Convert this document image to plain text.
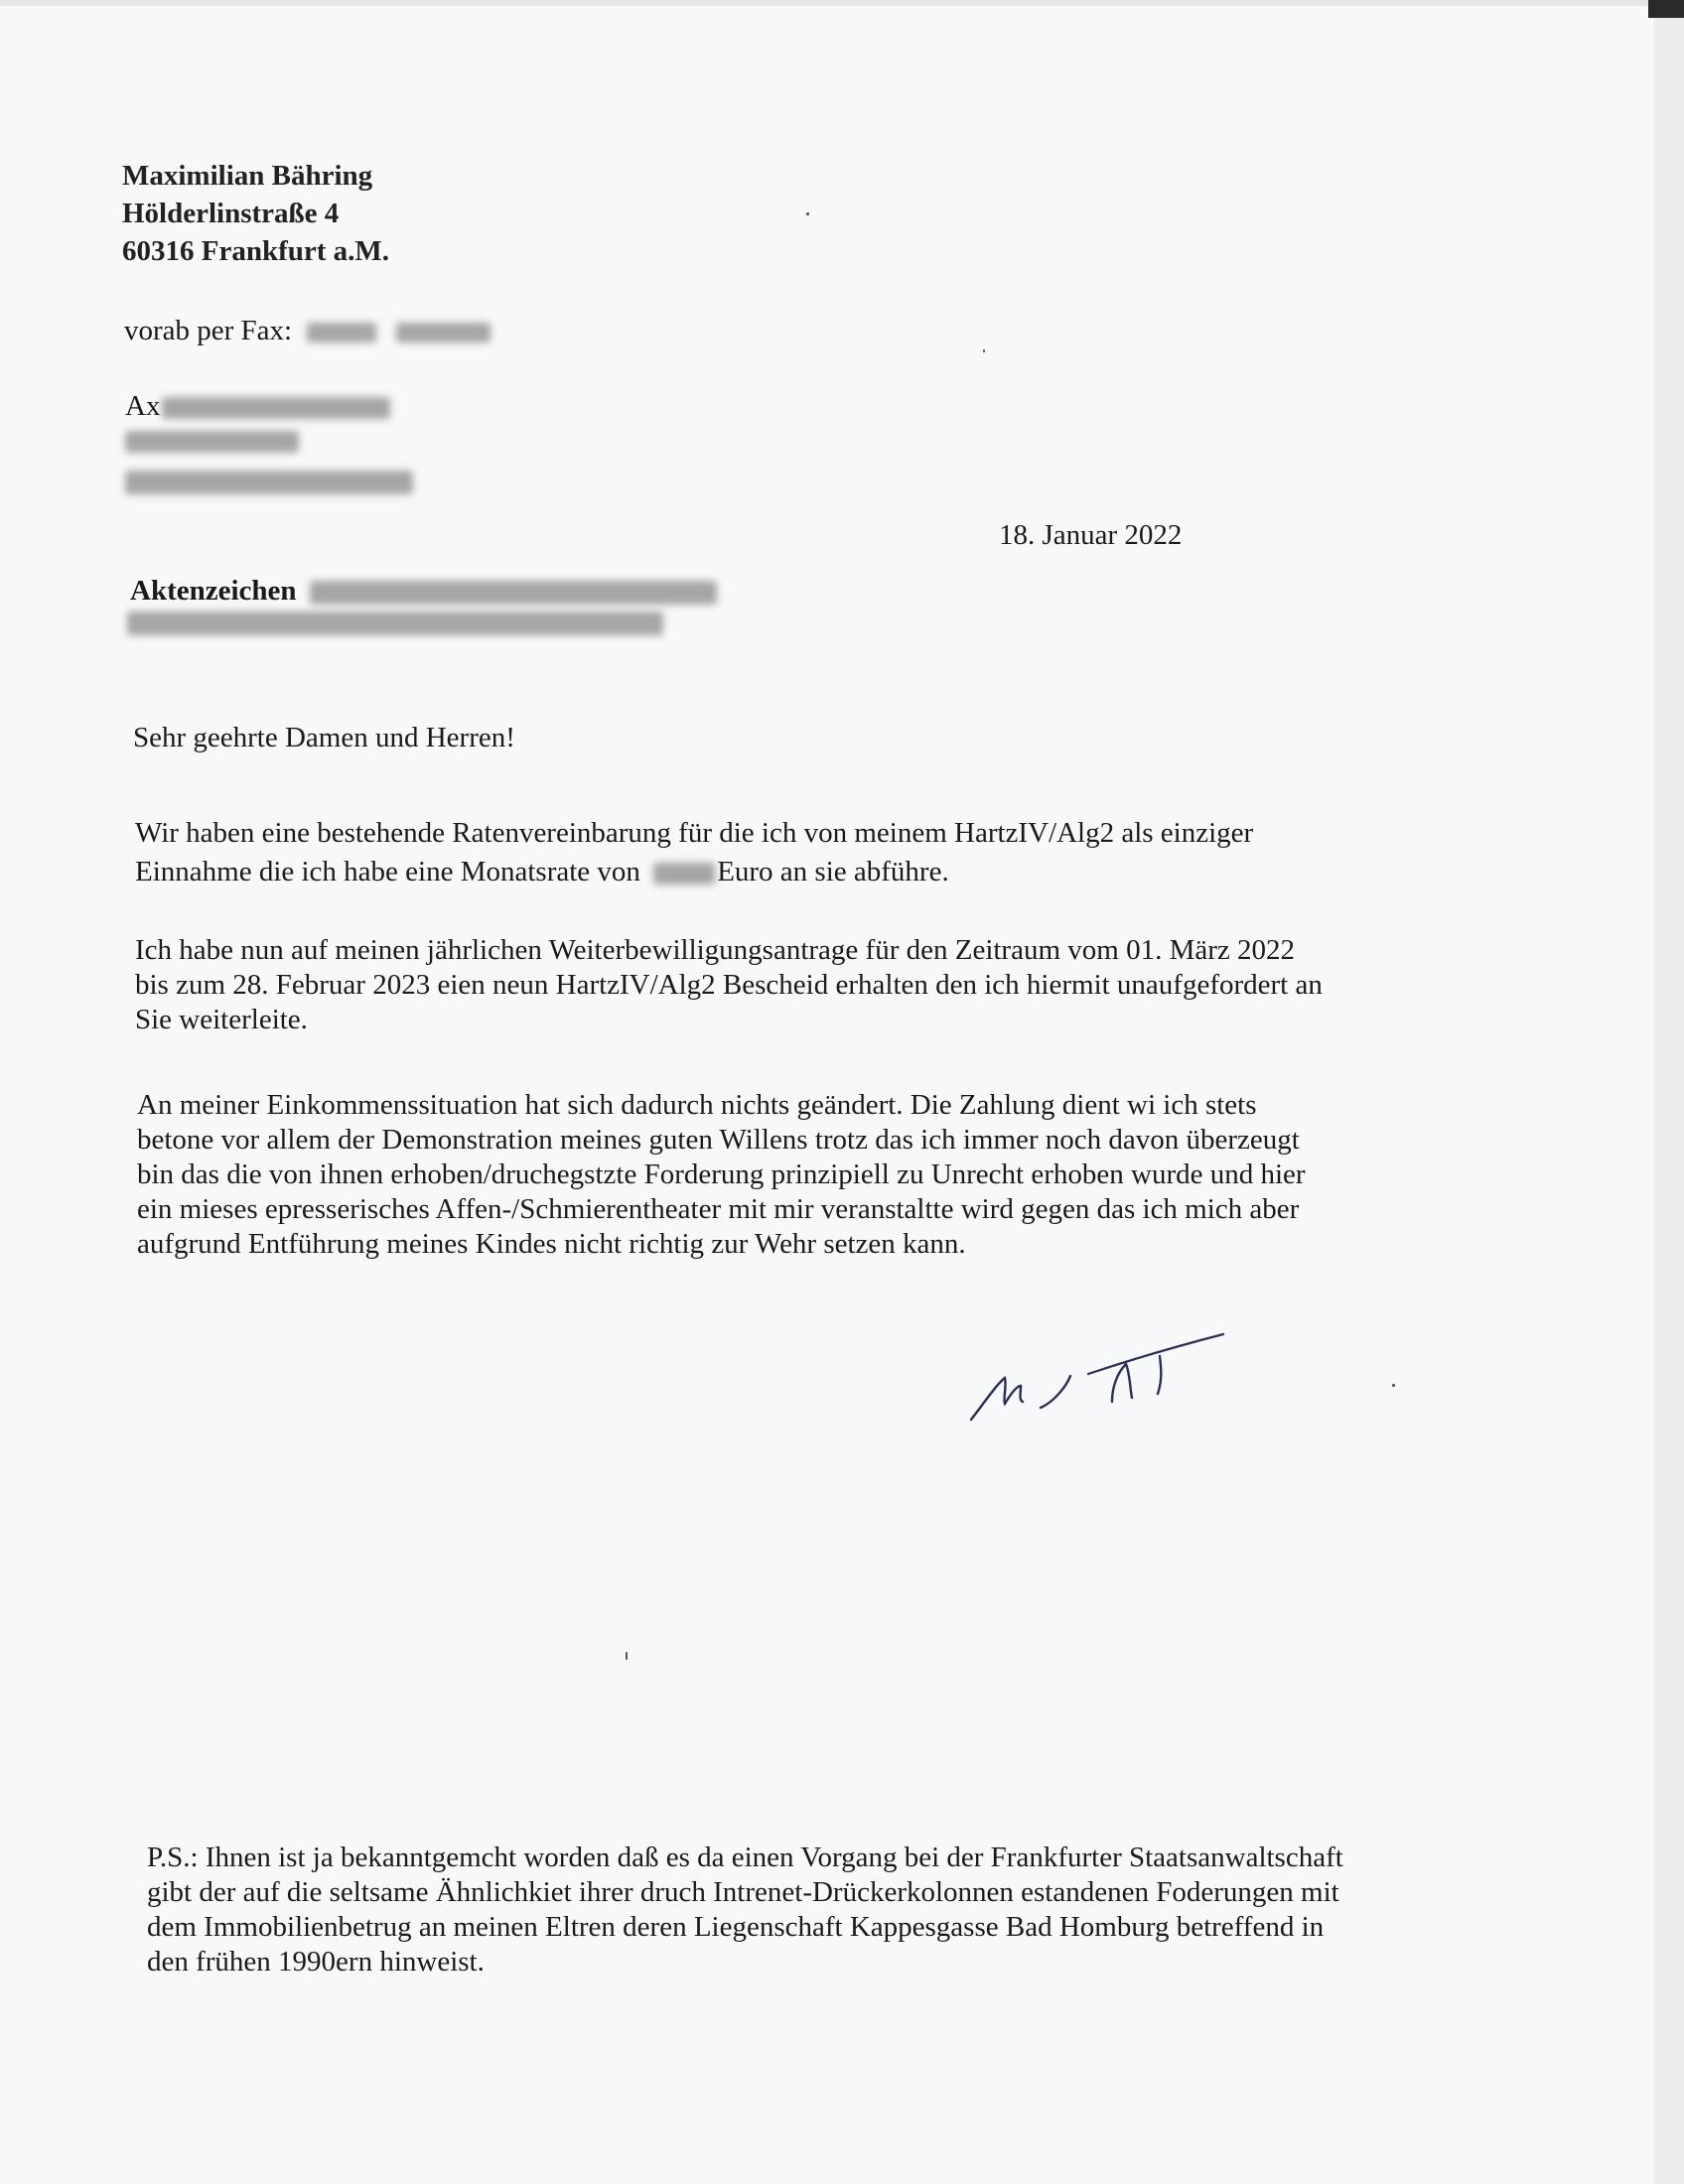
Maximilian Bähring
Hölderlinstraße 4
60316 Frankfurt a.M.
vorab per Fax:
Ax
18. Januar 2022
Aktenzeichen
Sehr geehrte Damen und Herren!
Wir haben eine bestehende Ratenvereinbarung für die ich von meinem HartzIV/Alg2 als einziger
Einnahme die ich habe eine Monatsrate von	Euro an sie abführe.
Ich habe nun auf meinen jährlichen Weiterbewilligungsantrage für den Zeitraum vom 01. März 2022
bis zum 28. Februar 2023 eien neun HartzIV/Alg2 Bescheid erhalten den ich hiermit unaufgefordert an
Sie weiterleite.
An meiner Einkommenssituation hat sich dadurch nichts geändert. Die Zahlung dient wi ich stets
betone vor allem der Demonstration meines guten Willens trotz das ich immer noch davon überzeugt
bin das die von ihnen erhoben/druchegstzte Forderung prinzipiell zu Unrecht erhoben wurde und hier
ein mieses epresserisches Affen-/Schmierentheater mit mir veranstaltte wird gegen das ich mich aber
aufgrund Entführung meines Kindes nicht richtig zur Wehr setzen kann.
P.S.: Ihnen ist ja bekanntgemcht worden daß es da einen Vorgang bei der Frankfurter Staatsanwaltschaft
gibt der auf die seltsame Ähnlichkiet ihrer druch Intrenet-Drückerkolonnen estandenen Foderungen mit
dem Immobilienbetrug an meinen Eltren deren Liegenschaft Kappesgasse Bad Homburg betreffend in
den frühen 1990ern hinweist.
